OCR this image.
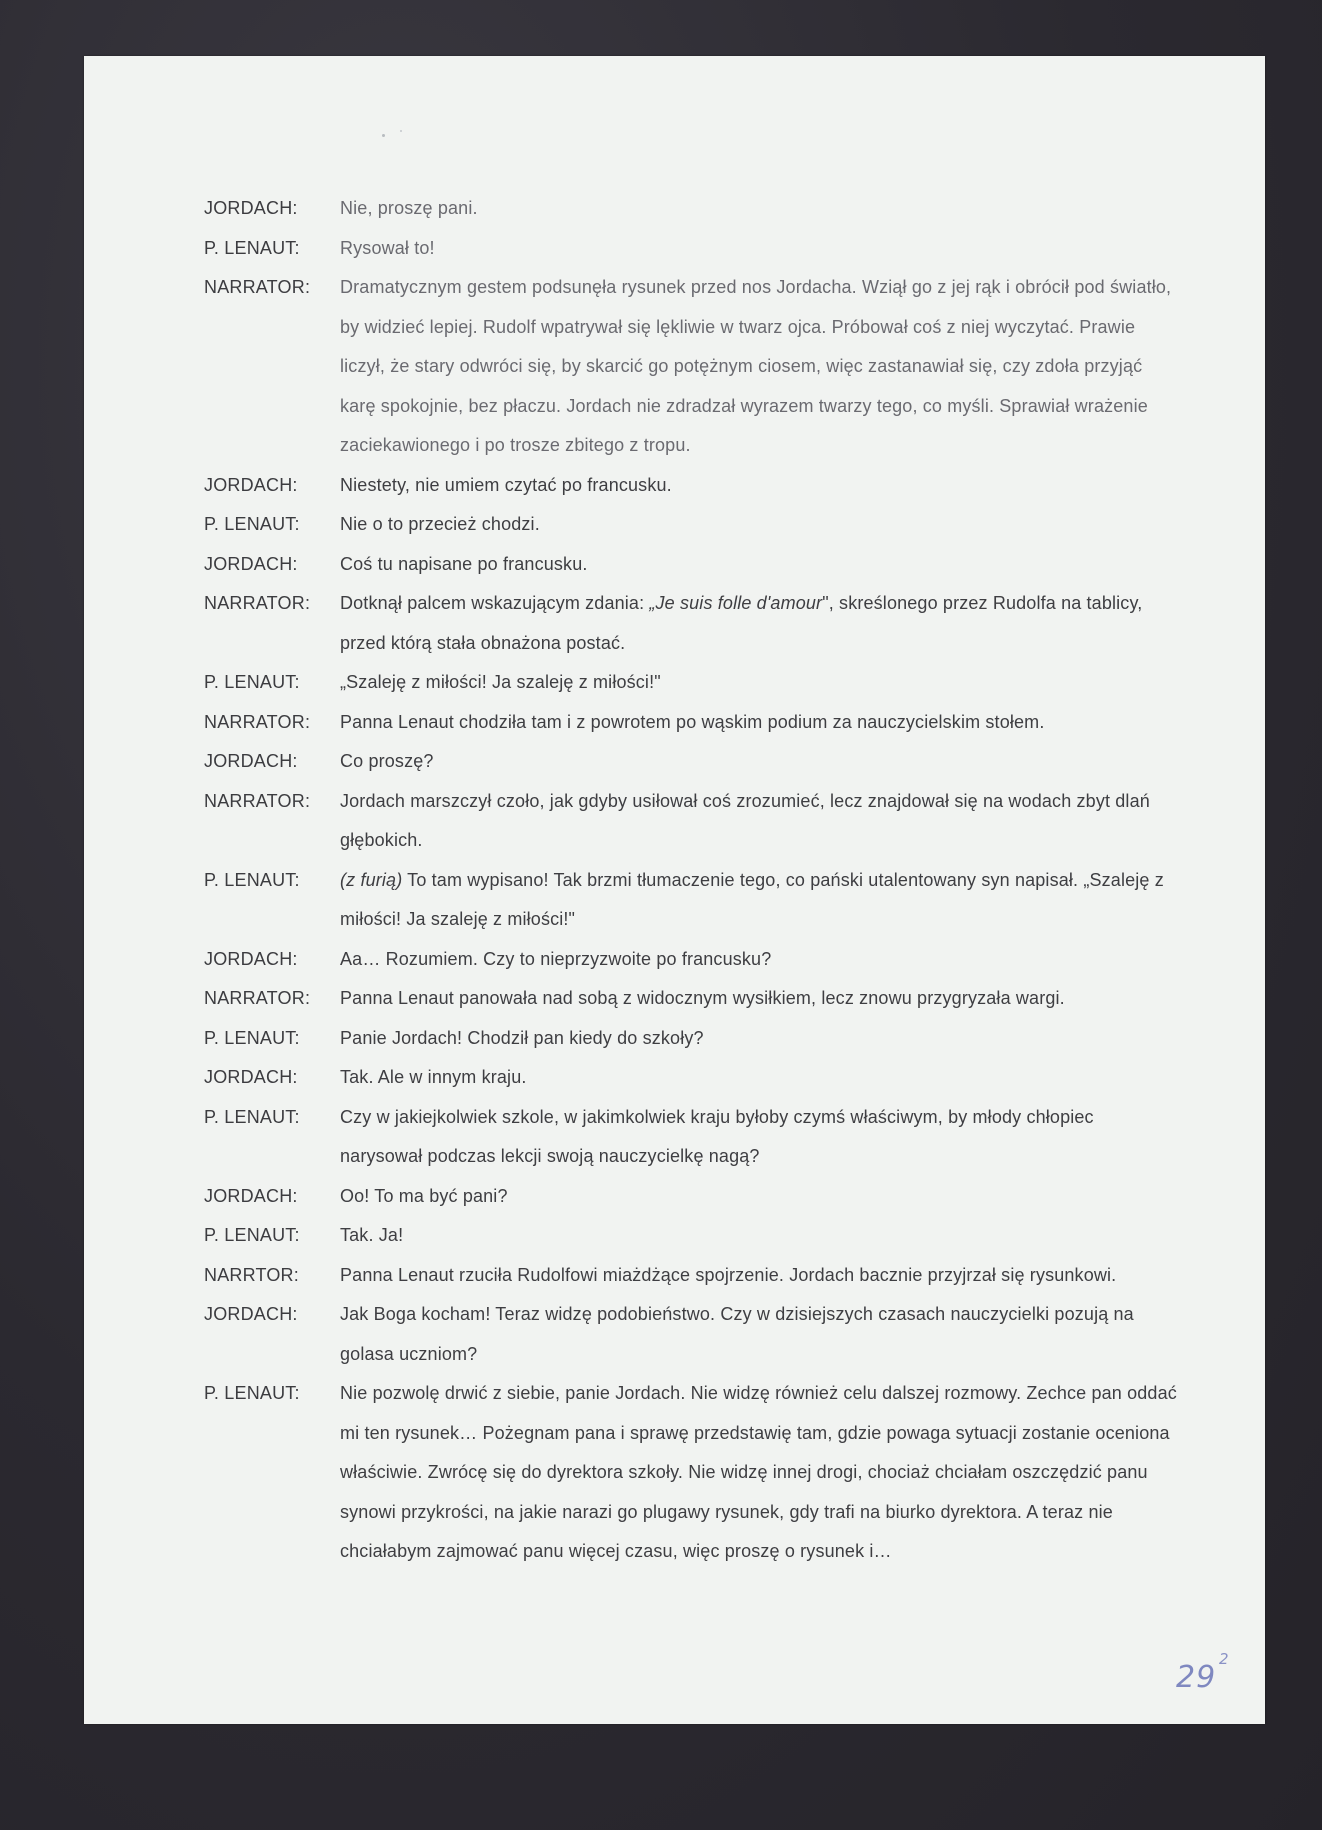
JORDACH:	Nie, proszę pani.
P. LENAUT:	Rysował to!
NARRATOR:	Dramatycznym gestem podsunęła rysunek przed nos Jordacha. Wziął go z jej rąk i obrócił pod światło, by widzieć lepiej. Rudolf wpatrywał się lękliwie w twarz ojca. Próbował coś z niej wyczytać. Prawie liczył, że stary odwróci się, by skarcić go potężnym ciosem, więc zastanawiał się, czy zdoła przyjąć karę spokojnie, bez płaczu. Jordach nie zdradzał wyrazem twarzy tego, co myśli. Sprawiał wrażenie zaciekawionego i po trosze zbitego z tropu.
JORDACH:	Niestety, nie umiem czytać po francusku.
P. LENAUT:	Nie o to przecież chodzi.
JORDACH:	Coś tu napisane po francusku.
NARRATOR:	Dotknął palcem wskazującym zdania: „Je suis folle d'amour", skreślonego przez Rudolfa na tablicy, przed którą stała obnażona postać.
P. LENAUT:	„Szaleję z miłości! Ja szaleję z miłości!"
NARRATOR:	Panna Lenaut chodziła tam i z powrotem po wąskim podium za nauczycielskim stołem.
JORDACH:	Co proszę?
NARRATOR:	Jordach marszczył czoło, jak gdyby usiłował coś zrozumieć, lecz znajdował się na wodach zbyt dlań głębokich.
P. LENAUT:	(z furią) To tam wypisano! Tak brzmi tłumaczenie tego, co pański utalentowany syn napisał. „Szaleję z miłości! Ja szaleję z miłości!"
JORDACH:	Aa… Rozumiem. Czy to nieprzyzwoite po francusku?
NARRATOR:	Panna Lenaut panowała nad sobą z widocznym wysiłkiem, lecz znowu przygryzała wargi.
P. LENAUT:	Panie Jordach! Chodził pan kiedy do szkoły?
JORDACH:	Tak. Ale w innym kraju.
P. LENAUT:	Czy w jakiejkolwiek szkole, w jakimkolwiek kraju byłoby czymś właściwym, by młody chłopiec narysował podczas lekcji swoją nauczycielkę nagą?
JORDACH:	Oo! To ma być pani?
P. LENAUT:	Tak. Ja!
NARRTOR:	Panna Lenaut rzuciła Rudolfowi miażdżące spojrzenie. Jordach bacznie przyjrzał się rysunkowi.
JORDACH:	Jak Boga kocham! Teraz widzę podobieństwo. Czy w dzisiejszych czasach nauczycielki pozują na golasa uczniom?
P. LENAUT:	Nie pozwolę drwić z siebie, panie Jordach. Nie widzę również celu dalszej rozmowy. Zechce pan oddać mi ten rysunek… Pożegnam pana i sprawę przedstawię tam, gdzie powaga sytuacji zostanie oceniona właściwie. Zwrócę się do dyrektora szkoły. Nie widzę innej drogi, chociaż chciałam oszczędzić panu synowi przykrości, na jakie narazi go plugawy rysunek, gdy trafi na biurko dyrektora. A teraz nie chciałabym zajmować panu więcej czasu, więc proszę o rysunek i…
29
2
